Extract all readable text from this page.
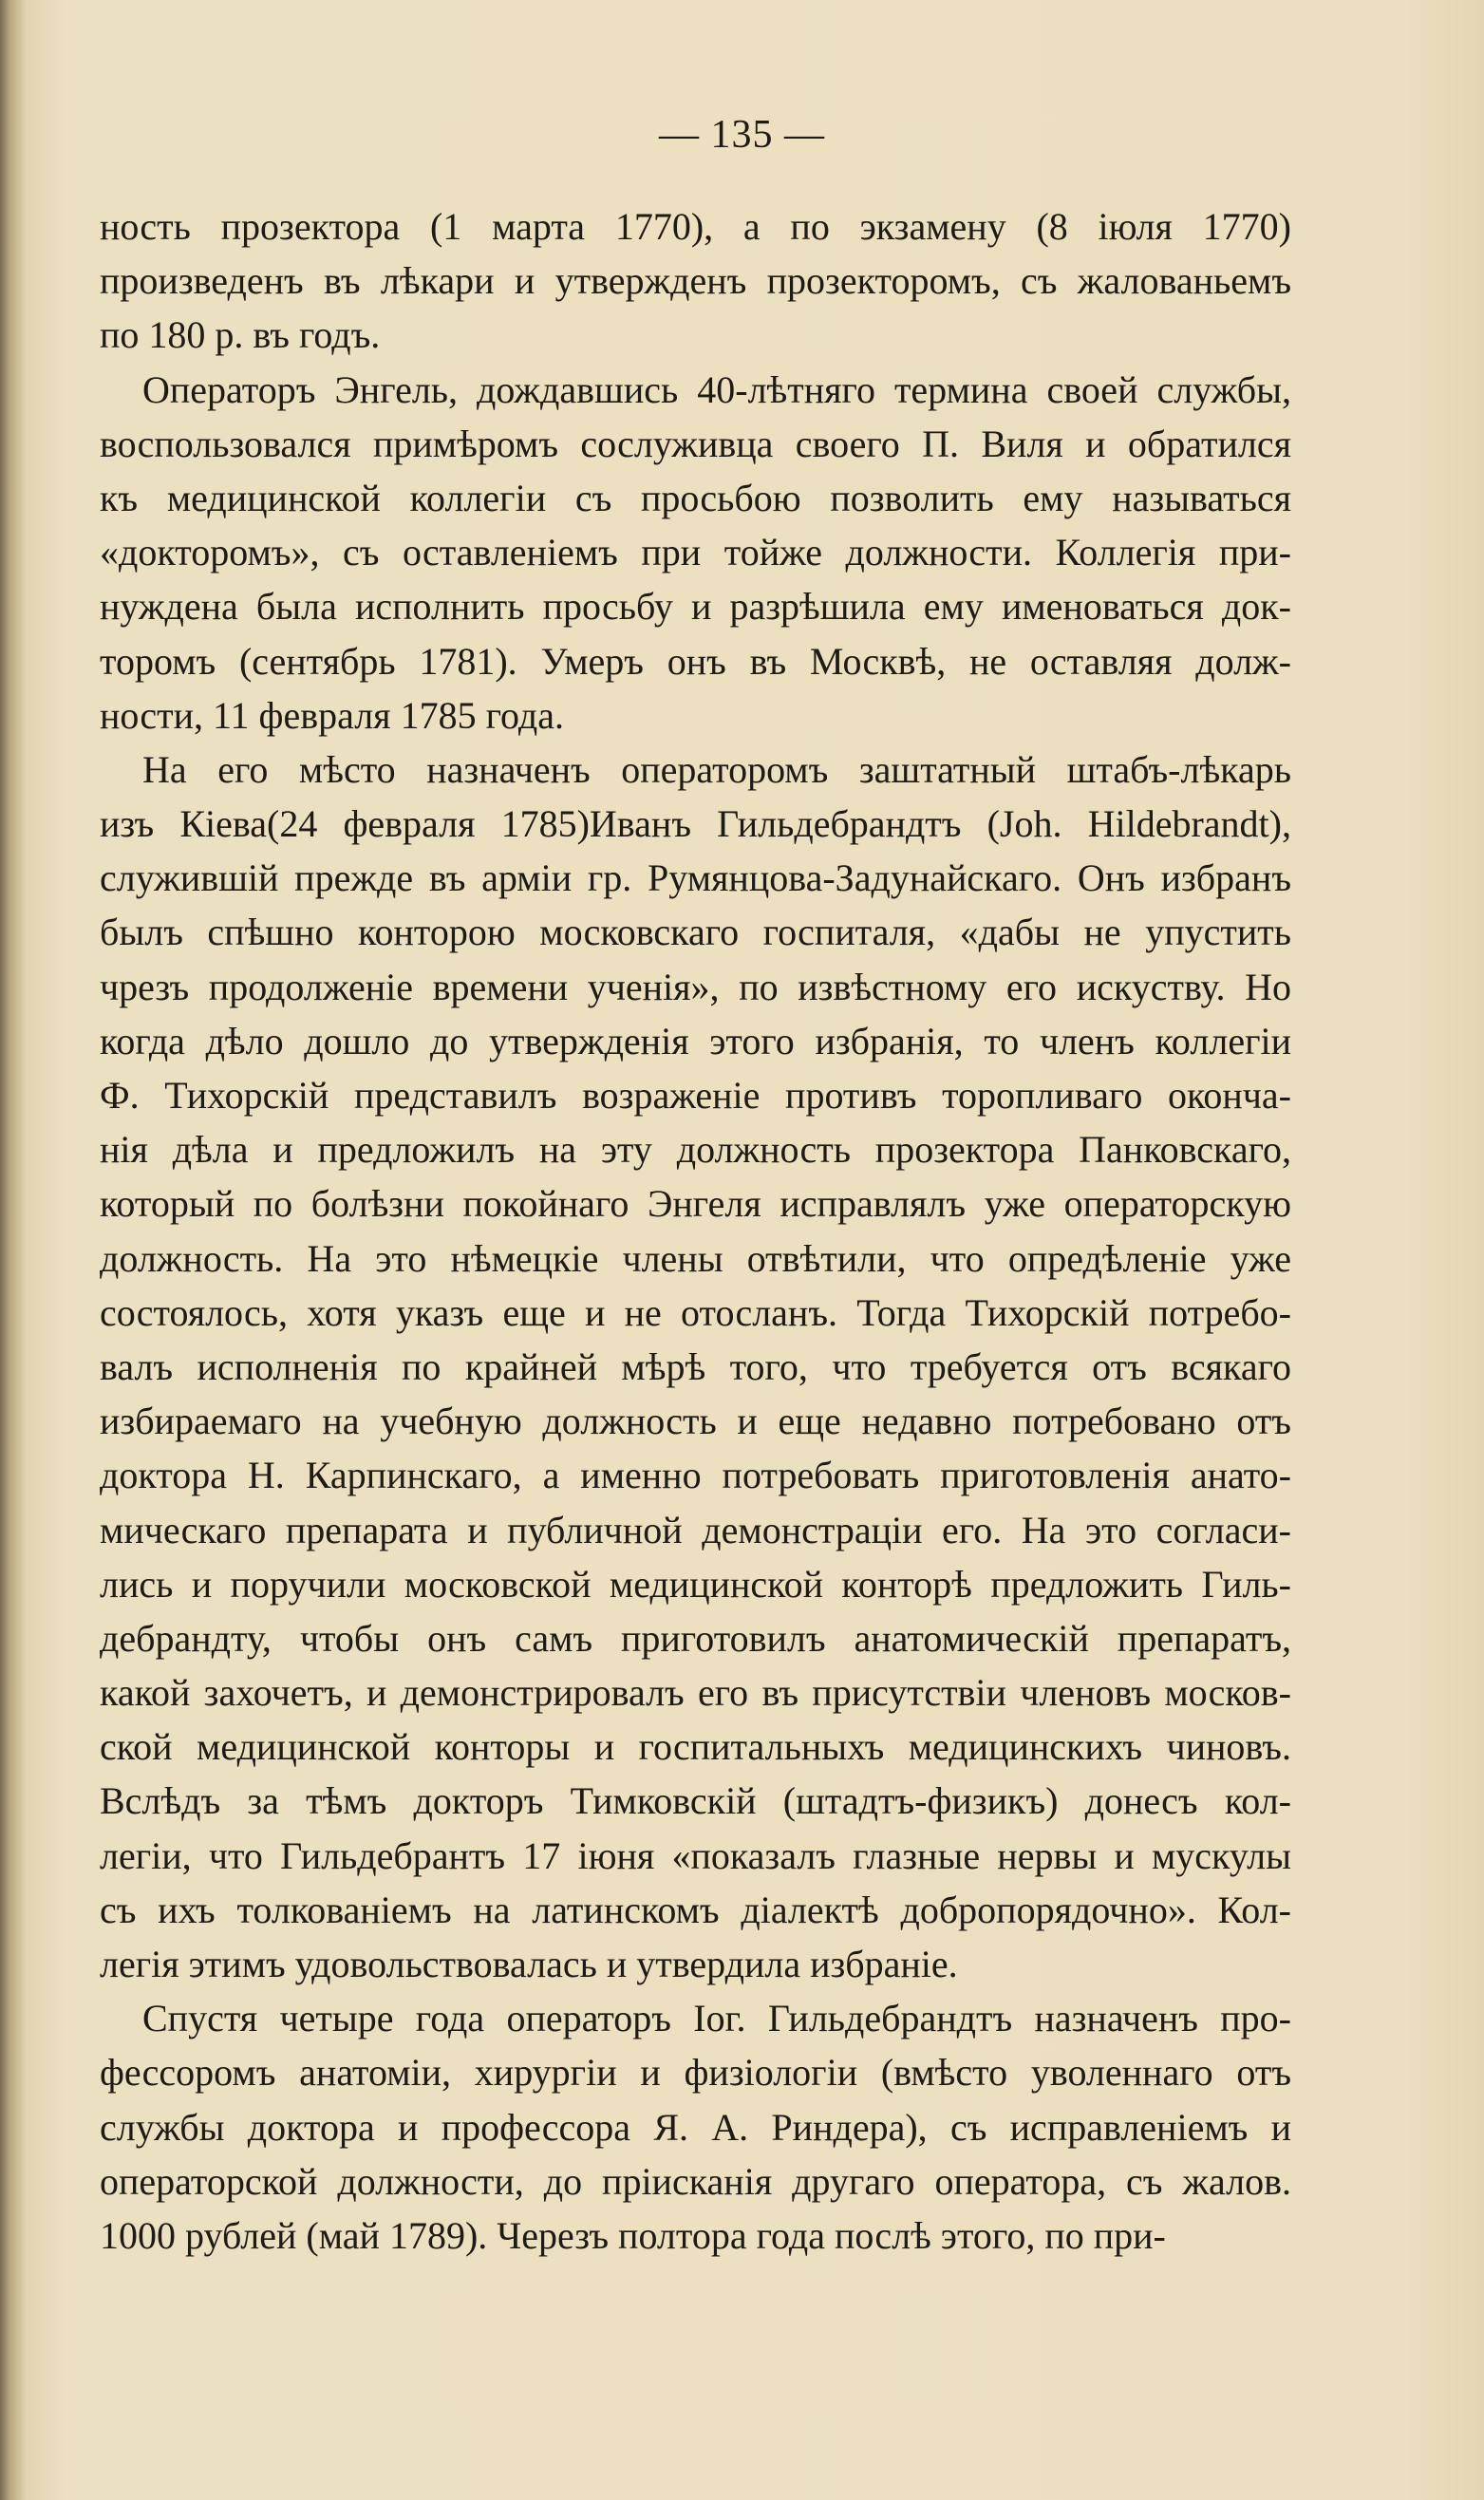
— 135 —
ность прозектора (1 марта 1770), а по экзамену (8 іюля 1770)
произведенъ въ лѣкари и утвержденъ прозекторомъ, съ жалованьемъ
по 180 р. въ годъ.
Операторъ Энгель, дождавшись 40-лѣтняго термина своей службы,
воспользовался примѣромъ сослуживца своего П. Виля и обратился
къ медицинской коллегіи съ просьбою позволить ему называться
«докторомъ», съ оставленіемъ при тойже должности. Коллегія при-
нуждена была исполнить просьбу и разрѣшила ему именоваться док-
торомъ (сентябрь 1781). Умеръ онъ въ Москвѣ, не оставляя долж-
ности, 11 февраля 1785 года.
На его мѣсто назначенъ операторомъ заштатный штабъ-лѣкарь
изъ Кіева(24 февраля 1785)Иванъ Гильдебрандтъ (Joh. Hildebrandt),
служившій прежде въ арміи гр. Румянцова-Задунайскаго. Онъ избранъ
былъ спѣшно конторою московскаго госпиталя, «дабы не упустить
чрезъ продолженіе времени ученія», по извѣстному его искуству. Но
когда дѣло дошло до утвержденія этого избранія, то членъ коллегіи
Ф. Тихорскій представилъ возраженіе противъ торопливаго оконча-
нія дѣла и предложилъ на эту должность прозектора Панковскаго,
который по болѣзни покойнаго Энгеля исправлялъ уже операторскую
должность. На это нѣмецкіе члены отвѣтили, что опредѣленіе уже
состоялось, хотя указъ еще и не отосланъ. Тогда Тихорскій потребо-
валъ исполненія по крайней мѣрѣ того, что требуется отъ всякаго
избираемаго на учебную должность и еще недавно потребовано отъ
доктора Н. Карпинскаго, а именно потребовать приготовленія анато-
мическаго препарата и публичной демонстраціи его. На это согласи-
лись и поручили московской медицинской конторѣ предложить Гиль-
дебрандту, чтобы онъ самъ приготовилъ анатомическій препаратъ,
какой захочетъ, и демонстрировалъ его въ присутствіи членовъ москов-
ской медицинской конторы и госпитальныхъ медицинскихъ чиновъ.
Вслѣдъ за тѣмъ докторъ Тимковскій (штадтъ-физикъ) донесъ кол-
легіи, что Гильдебрантъ 17 іюня «показалъ глазные нервы и мускулы
съ ихъ толкованіемъ на латинскомъ діалектѣ добропорядочно». Кол-
легія этимъ удовольствовалась и утвердила избраніе.
Спустя четыре года операторъ Іог. Гильдебрандтъ назначенъ про-
фессоромъ анатоміи, хирургіи и физіологіи (вмѣсто уволеннаго отъ
службы доктора и профессора Я. А. Риндера), съ исправленіемъ и
операторской должности, до пріисканія другаго оператора, съ жалов.
1000 рублей (май 1789). Черезъ полтора года послѣ этого, по при-
